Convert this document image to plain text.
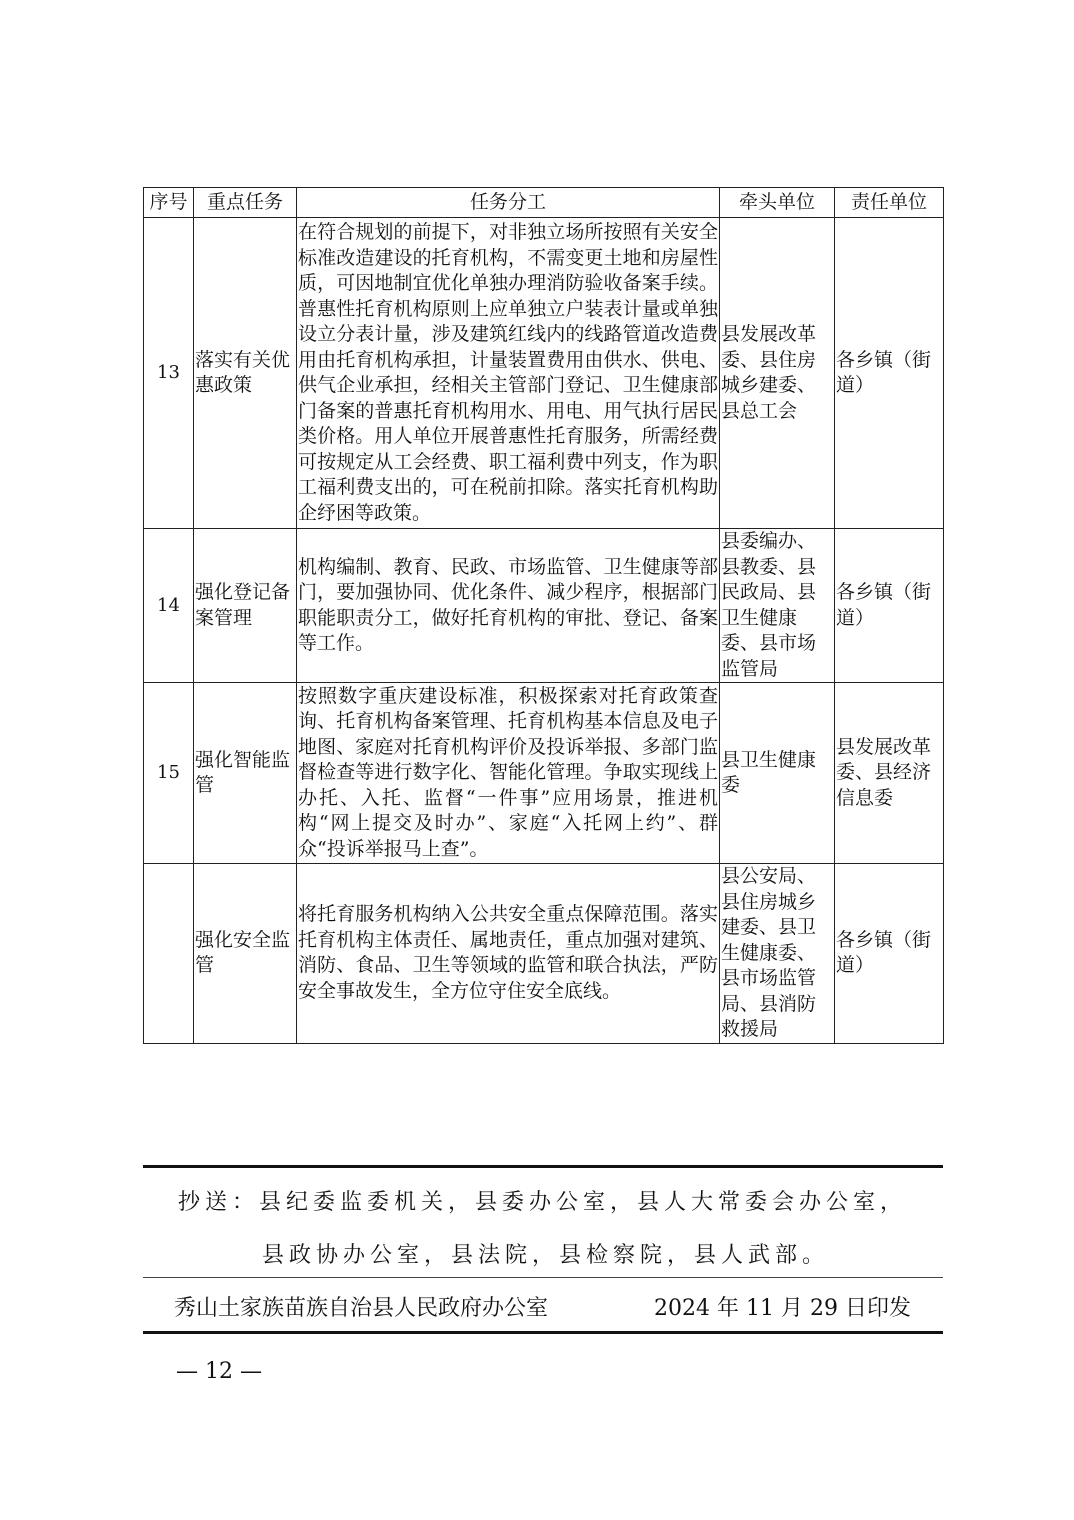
序号	重点任务	任务分工	牵头单位	责任单位
13	落实有关优惠政策	在符合规划的前提下，对非独立场所按照有关安全标准改造建设的托育机构，不需变更土地和房屋性质，可因地制宜优化单独办理消防验收备案手续。普惠性托育机构原则上应单独立户装表计量或单独设立分表计量，涉及建筑红线内的线路管道改造费用由托育机构承担，计量装置费用由供水、供电、供气企业承担，经相关主管部门登记、卫生健康部门备案的普惠托育机构用水、用电、用气执行居民类价格。用人单位开展普惠性托育服务，所需经费可按规定从工会经费、职工福利费中列支，作为职工福利费支出的，可在税前扣除。落实托育机构助企纾困等政策。	县发展改革委、县住房城乡建委、县总工会	各乡镇（街道）
14	强化登记备案管理	机构编制、教育、民政、市场监管、卫生健康等部门，要加强协同、优化条件、减少程序，根据部门职能职责分工，做好托育机构的审批、登记、备案等工作。	县委编办、县教委、县民政局、县卫生健康委、县市场监管局	各乡镇（街道）
15	强化智能监管	按照数字重庆建设标准，积极探索对托育政策查询、托育机构备案管理、托育机构基本信息及电子地图、家庭对托育机构评价及投诉举报、多部门监督检查等进行数字化、智能化管理。争取实现线上办托、入托、监督“一件事”应用场景，推进机构“网上提交及时办”、家庭“入托网上约”、群众“投诉举报马上查”。	县卫生健康委	县发展改革委、县经济信息委
	强化安全监管	将托育服务机构纳入公共安全重点保障范围。落实托育机构主体责任、属地责任，重点加强对建筑、消防、食品、卫生等领域的监管和联合执法，严防安全事故发生，全方位守住安全底线。	县公安局、县住房城乡建委、县卫生健康委、县市场监管局、县消防救援局	各乡镇（街道）
抄送：县纪委监委机关，县委办公室，县人大常委会办公室，
县政协办公室，县法院，县检察院，县人武部。
秀山土家族苗族自治县人民政府办公室	2024 年 11 月 29 日印发
— 12 —
